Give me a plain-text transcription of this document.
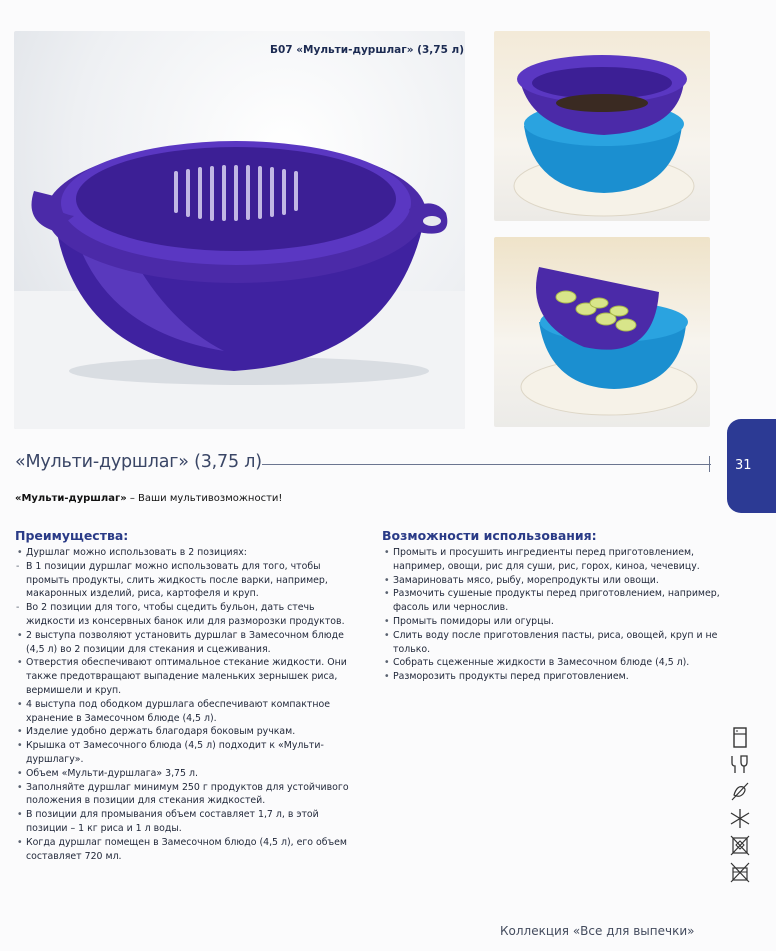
Б07 «Мульти-дуршлаг» (3,75 л)
«Мульти-дуршлаг» (3,75 л)	31
«Мульти-дуршлаг» – Ваши мультивозможности!
Преимущества:
• Дуршлаг можно использовать в 2 позициях:
- В 1 позиции дуршлаг можно использовать для того, чтобы промыть продукты, слить жидкость после варки, например, макаронных изделий, риса, картофеля и круп.
- Во 2 позиции для того, чтобы сцедить бульон, дать стечь жидкости из консервных банок или для разморозки продуктов.
• 2 выступа позволяют установить дуршлаг в Замесочном блюде (4,5 л) во 2 позиции для стекания и сцеживания.
• Отверстия обеспечивают оптимальное стекание жидкости. Они также предотвращают выпадение маленьких зернышек риса, вермишели и круп.
• 4 выступа под ободком дуршлага обеспечивают компактное хранение в Замесочном блюде (4,5 л).
• Изделие удобно держать благодаря боковым ручкам.
• Крышка от Замесочного блюда (4,5 л) подходит к «Мульти-дуршлагу».
• Объем «Мульти-дуршлага» 3,75 л.
• Заполняйте дуршлаг минимум 250 г продуктов для устойчивого положения в позиции для стекания жидкостей.
• В позиции для промывания объем составляет 1,7 л, в этой позиции – 1 кг риса и 1 л воды.
• Когда дуршлаг помещен в Замесочном блюдо (4,5 л), его объем составляет 720 мл.
Возможности использования:
• Промыть и просушить ингредиенты перед приготовлением, например, овощи, рис для суши, рис, горох, киноа, чечевицу.
• Замариновать мясо, рыбу, морепродукты или овощи.
• Размочить сушеные продукты перед приготовлением, например, фасоль или чернослив.
• Промыть помидоры или огурцы.
• Слить воду после приготовления пасты, риса, овощей, круп и не только.
• Собрать сцеженные жидкости в Замесочном блюде (4,5 л).
• Разморозить продукты перед приготовлением.
Коллекция «Все для выпечки»
